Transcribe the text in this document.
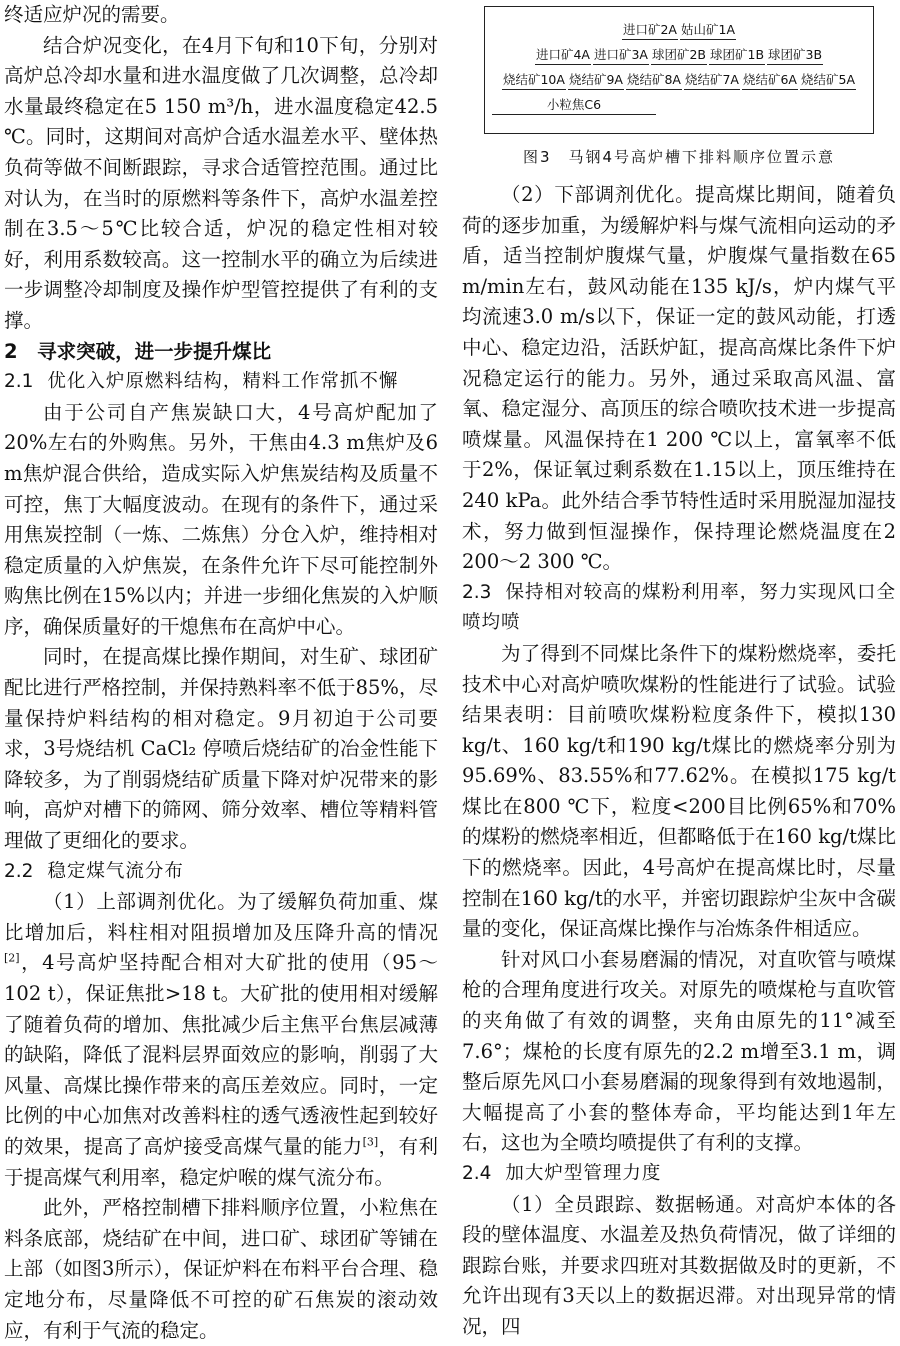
终适应炉况的需要。

结合炉况变化，在4月下旬和10下旬，分别对高炉总冷却水量和进水温度做了几次调整，总冷却水量最终稳定在5 150 m³/h，进水温度稳定42.5 ℃。同时，这期间对高炉合适水温差水平、壁体热负荷等做不间断跟踪，寻求合适管控范围。通过比对认为，在当时的原燃料等条件下，高炉水温差控制在3.5～5℃比较合适，炉况的稳定性相对较好，利用系数较高。这一控制水平的确立为后续进一步调整冷却制度及操作炉型管控提供了有利的支撑。

2　寻求突破，进一步提升煤比
2.1 优化入炉原燃料结构，精料工作常抓不懈

由于公司自产焦炭缺口大，4号高炉配加了20%左右的外购焦。另外，干焦由4.3 m焦炉及6 m焦炉混合供给，造成实际入炉焦炭结构及质量不可控，焦丁大幅度波动。在现有的条件下，通过采用焦炭控制（一炼、二炼焦）分仓入炉，维持相对稳定质量的入炉焦炭，在条件允许下尽可能控制外购焦比例在15%以内；并进一步细化焦炭的入炉顺序，确保质量好的干熄焦布在高炉中心。

同时，在提高煤比操作期间，对生矿、球团矿配比进行严格控制，并保持熟料率不低于85%，尽量保持炉料结构的相对稳定。9月初迫于公司要求，3号烧结机 CaCl₂ 停喷后烧结矿的冶金性能下降较多，为了削弱烧结矿质量下降对炉况带来的影响，高炉对槽下的筛网、筛分效率、槽位等精料管理做了更细化的要求。

2.2 稳定煤气流分布

（1）上部调剂优化。为了缓解负荷加重、煤比增加后，料柱相对阻损增加及压降升高的情况[2]，4号高炉坚持配合相对大矿批的使用（95～102 t），保证焦批>18 t。大矿批的使用相对缓解了随着负荷的增加、焦批减少后主焦平台焦层减薄的缺陷，降低了混料层界面效应的影响，削弱了大风量、高煤比操作带来的高压差效应。同时，一定比例的中心加焦对改善料柱的透气透液性起到较好的效果，提高了高炉接受高煤气量的能力[3]，有利于提高煤气利用率，稳定炉喉的煤气流分布。

此外，严格控制槽下排料顺序位置，小粒焦在料条底部，烧结矿在中间，进口矿、球团矿等铺在上部（如图3所示），保证炉料在布料平台合理、稳定地分布，尽量降低不可控的矿石焦炭的滚动效应，有利于气流的稳定。

进口矿2A 姑山矿1A
进口矿4A 进口矿3A 球团矿2B 球团矿1B 球团矿3B
烧结矿10A 烧结矿9A 烧结矿8A 烧结矿7A 烧结矿6A 烧结矿5A
小粒焦C6
图3　马钢4号高炉槽下排料顺序位置示意

（2）下部调剂优化。提高煤比期间，随着负荷的逐步加重，为缓解炉料与煤气流相向运动的矛盾，适当控制炉腹煤气量，炉腹煤气量指数在65 m/min左右，鼓风动能在135 kJ/s，炉内煤气平均流速3.0 m/s以下，保证一定的鼓风动能，打透中心、稳定边沿，活跃炉缸，提高高煤比条件下炉况稳定运行的能力。另外，通过采取高风温、富氧、稳定湿分、高顶压的综合喷吹技术进一步提高喷煤量。风温保持在1 200 ℃以上，富氧率不低于2%，保证氧过剩系数在1.15以上，顶压维持在240 kPa。此外结合季节特性适时采用脱湿加湿技术，努力做到恒湿操作，保持理论燃烧温度在2 200～2 300 ℃。

2.3 保持相对较高的煤粉利用率，努力实现风口全喷均喷

为了得到不同煤比条件下的煤粉燃烧率，委托技术中心对高炉喷吹煤粉的性能进行了试验。试验结果表明：目前喷吹煤粉粒度条件下，模拟130 kg/t、160 kg/t和190 kg/t煤比的燃烧率分别为95.69%、83.55%和77.62%。在模拟175 kg/t煤比在800 ℃下，粒度<200目比例65%和70%的煤粉的燃烧率相近，但都略低于在160 kg/t煤比下的燃烧率。因此，4号高炉在提高煤比时，尽量控制在160 kg/t的水平，并密切跟踪炉尘灰中含碳量的变化，保证高煤比操作与冶炼条件相适应。

针对风口小套易磨漏的情况，对直吹管与喷煤枪的合理角度进行攻关。对原先的喷煤枪与直吹管的夹角做了有效的调整，夹角由原先的11°减至7.6°；煤枪的长度有原先的2.2 m增至3.1 m，调整后原先风口小套易磨漏的现象得到有效地遏制，大幅提高了小套的整体寿命，平均能达到1年左右，这也为全喷均喷提供了有利的支撑。

2.4 加大炉型管理力度

（1）全员跟踪、数据畅通。对高炉本体的各段的壁体温度、水温差及热负荷情况，做了详细的跟踪台账，并要求四班对其数据做及时的更新，不允许出现有3天以上的数据迟滞。对出现异常的情况，四
